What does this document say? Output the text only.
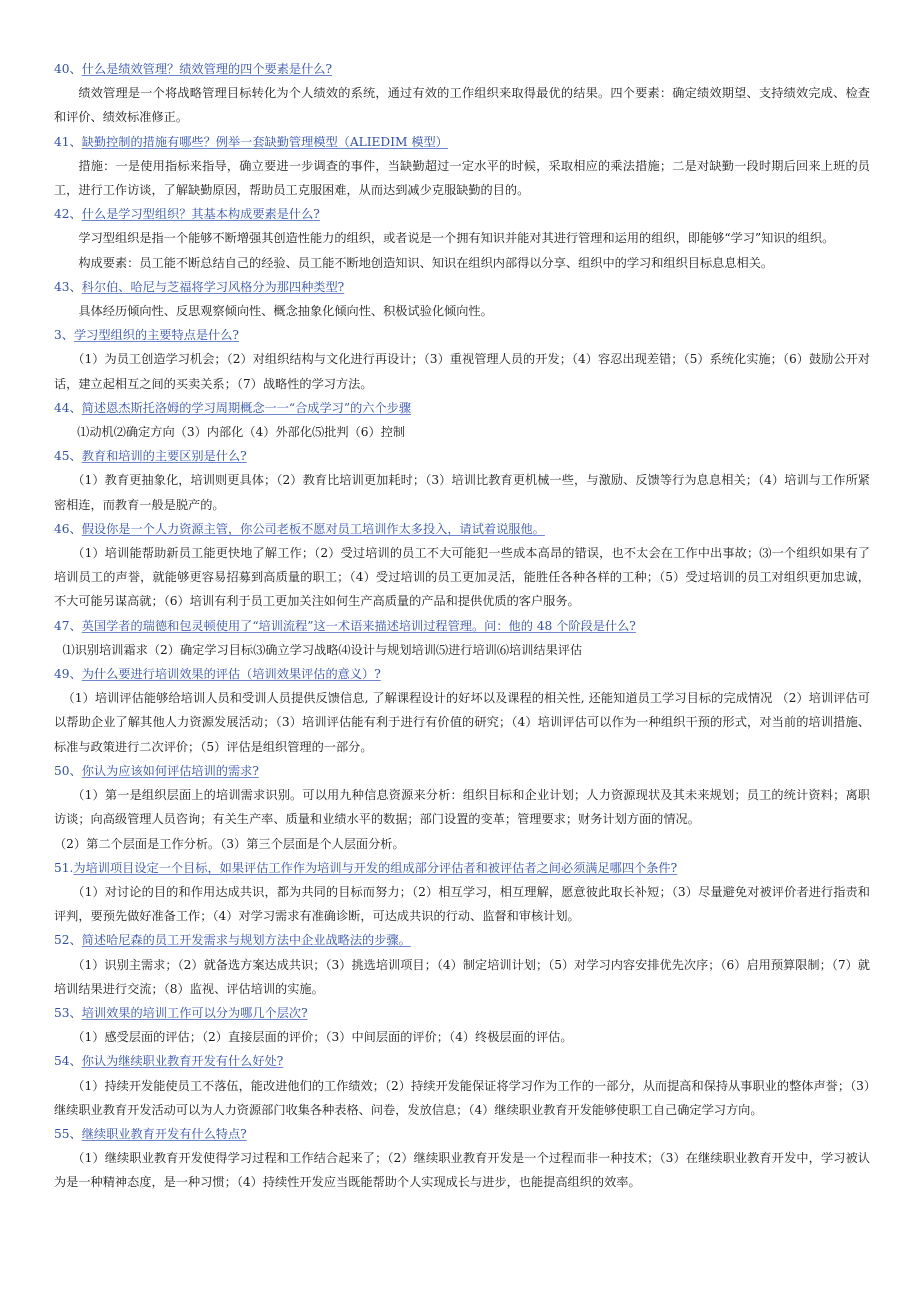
40、什么是绩效管理？绩效管理的四个要素是什么?

绩效管理是一个将战略管理目标转化为个人绩效的系统，通过有效的工作组织来取得最优的结果。四个要素：确定绩效期望、支持绩效完成、检查和评价、绩效标准修正。

41、缺勤控制的措施有哪些？例举一套缺勤管理模型（ALIEDIM 模型）

措施：一是使用指标来指导，确立要进一步调查的事件，当缺勤超过一定水平的时候，采取相应的乘法措施；二是对缺勤一段时期后回来上班的员工，进行工作访谈，了解缺勤原因，帮助员工克服困难，从而达到减少克服缺勤的目的。

42、什么是学习型组织？其基本构成要素是什么?

学习型组织是指一个能够不断增强其创造性能力的组织，或者说是一个拥有知识并能对其进行管理和运用的组织，即能够“学习”知识的组织。

构成要素：员工能不断总结自己的经验、员工能不断地创造知识、知识在组织内部得以分享、组织中的学习和组织目标息息相关。

43、科尔伯、哈尼与芝福将学习风格分为那四种类型?

具体经历倾向性、反思观察倾向性、概念抽象化倾向性、积极试验化倾向性。

3、学习型组织的主要特点是什么?

（1）为员工创造学习机会；（2）对组织结构与文化进行再设计；（3）重视管理人员的开发；（4）容忍出现差错；（5）系统化实施；（6）鼓励公开对话，建立起相互之间的买卖关系；（7）战略性的学习方法。

44、简述恩杰斯托洛姆的学习周期概念一一“合成学习”的六个步骤

⑴动机⑵确定方向（3）内部化（4）外部化⑸批判（6）控制

45、教育和培训的主要区别是什么?

（1）教育更抽象化，培训则更具体；（2）教育比培训更加耗时；（3）培训比教育更机械一些，与激励、反馈等行为息息相关；（4）培训与工作所紧密相连，而教育一般是脱产的。

46、假设你是一个人力资源主管，你公司老板不愿对员工培训作太多投入，请试着说服他。

（1）培训能帮助新员工能更快地了解工作；（2）受过培训的员工不大可能犯一些成本高昂的错误，也不太会在工作中出事故；⑶一个组织如果有了培训员工的声誉，就能够更容易招募到高质量的职工；（4）受过培训的员工更加灵活，能胜任各种各样的工种；（5）受过培训的员工对组织更加忠诚，不大可能另谋高就；（6）培训有利于员工更加关注如何生产高质量的产品和提供优质的客户服务。

47、英国学者的瑞德和包灵顿使用了“培训流程”这一术语来描述培训过程管理。问：他的 48 个阶段是什么?

⑴识别培训霜求（2）确定学习目标⑶确立学习战略⑷设计与规划培训⑸进行培训⑹培训结果评估

49、为什么要进行培训效果的评估（培训效果评估的意义）?

（1）培训评估能够给培训人员和受训人员提供反馈信息, 了解课程设计的好坏以及课程的相关性, 还能知道员工学习目标的完成情况 （2）培训评估可以帮助企业了解其他人力资源发展活动；（3）培训评估能有利于进行有价值的研究；（4）培训评估可以作为一种组织干预的形式，对当前的培训措施、标准与政策进行二次评价；（5）评估是组织管理的一部分。

50、你认为应该如何评估培训的需求?

（1）第一是组织层面上的培训需求识别。可以用九种信息资源来分析：组织目标和企业计划；人力资源现状及其未来规划；员工的统计资料；离职访谈；向高级管理人员咨询；有关生产率、质量和业绩水平的数据；部门设置的变革；管理要求；财务计划方面的情况。

（2）第二个层面是工作分析。（3）第三个层面是个人层面分析。

51.为培训项目设定一个目标，如果评估工作作为培训与开发的组成部分评估者和被评估者之间必须满足哪四个条件?

（1）对讨论的目的和作用达成共识，都为共同的目标而努力；（2）相互学习，相互理解，愿意彼此取长补短；（3）尽量避免对被评价者进行指责和评判，要预先做好准备工作；（4）对学习需求有准确诊断，可达成共识的行动、监督和审核计划。

52、简述哈尼森的员工开发需求与规划方法中企业战略法的步骤。

（1）识别主需求；（2）就备选方案达成共识；（3）挑选培训项目；（4）制定培训计划；（5）对学习内容安排优先次序；（6）启用预算限制；（7）就培训结果进行交流；（8）监视、评估培训的实施。

53、培训效果的培训工作可以分为哪几个层次?

（1）感受层面的评估；（2）直接层面的评价；（3）中间层面的评价；（4）终极层面的评估。

54、你认为继续职业教育开发有什么好处?

（1）持续开发能使员工不落伍，能改进他们的工作绩效；（2）持续开发能保证将学习作为工作的一部分，从而提高和保持从事职业的整体声誉；（3）继续职业教育开发活动可以为人力资源部门收集各种表格、问卷，发放信息；（4）继续职业教育开发能够使职工自己确定学习方向。

55、继续职业教育开发有什么特点?

（1）继续职业教育开发使得学习过程和工作结合起来了；（2）继续职业教育开发是一个过程而非一种技术；（3）在继续职业教育开发中，学习被认为是一种精神态度，是一种习惯；（4）持续性开发应当既能帮助个人实现成长与进步，也能提高组织的效率。
